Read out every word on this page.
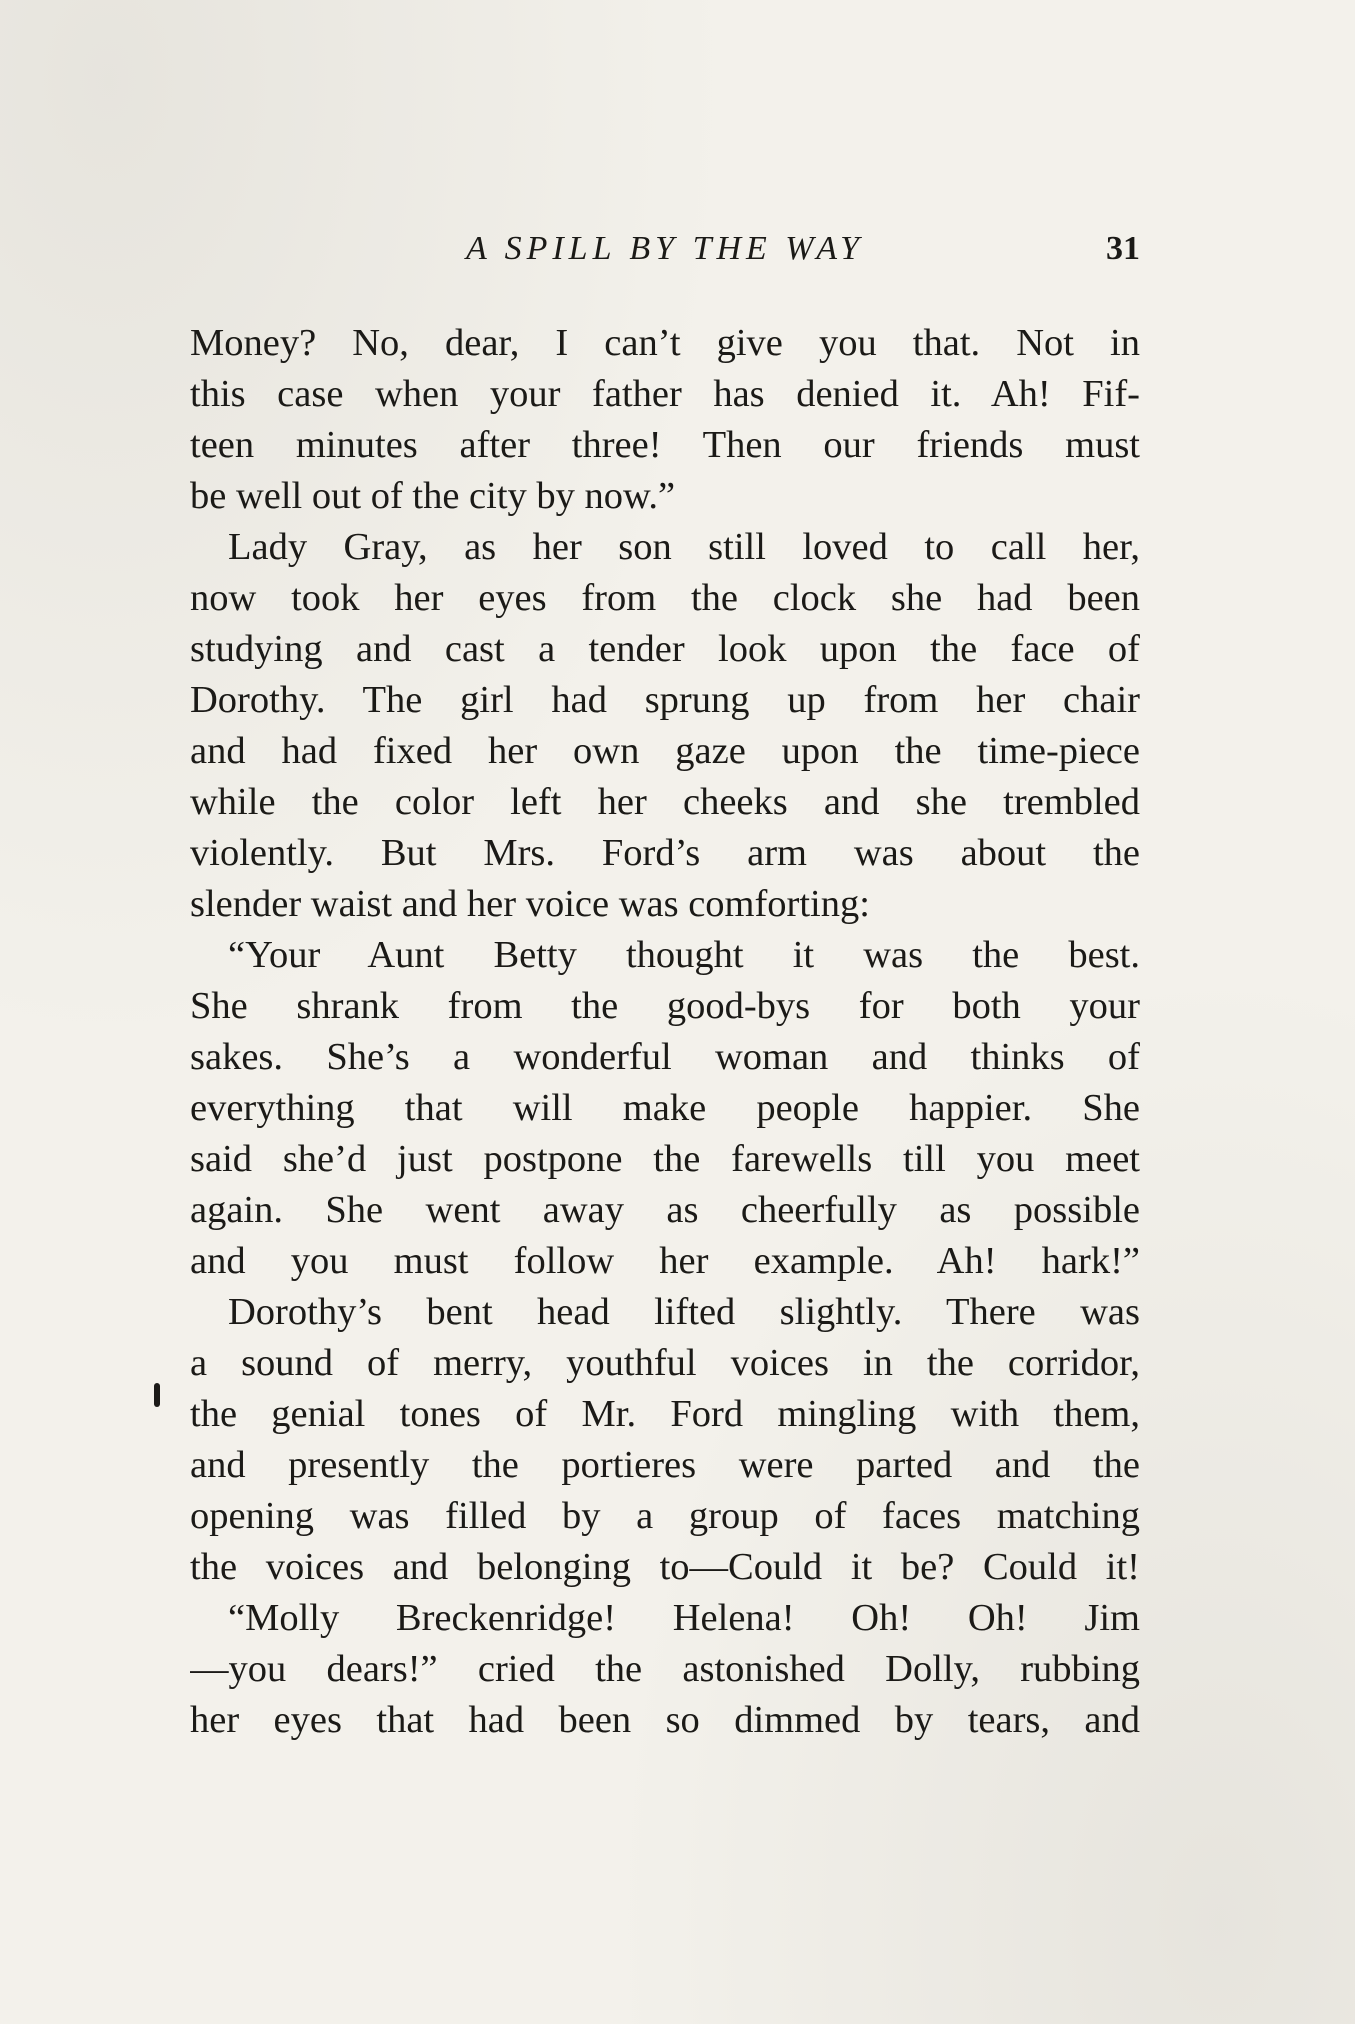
A SPILL BY THE WAY	31
Money? No, dear, I can’t give you that. Not in
this case when your father has denied it. Ah! Fif-
teen minutes after three! Then our friends must
be well out of the city by now.”
Lady Gray, as her son still loved to call her,
now took her eyes from the clock she had been
studying and cast a tender look upon the face of
Dorothy. The girl had sprung up from her chair
and had fixed her own gaze upon the time-piece
while the color left her cheeks and she trembled
violently. But Mrs. Ford’s arm was about the
slender waist and her voice was comforting:
“Your Aunt Betty thought it was the best.
She shrank from the good-bys for both your
sakes. She’s a wonderful woman and thinks of
everything that will make people happier. She
said she’d just postpone the farewells till you meet
again. She went away as cheerfully as possible
and you must follow her example. Ah! hark!”
Dorothy’s bent head lifted slightly. There was
a sound of merry, youthful voices in the corridor,
the genial tones of Mr. Ford mingling with them,
and presently the portieres were parted and the
opening was filled by a group of faces matching
the voices and belonging to—Could it be? Could it!
“Molly Breckenridge! Helena! Oh! Oh! Jim
—you dears!” cried the astonished Dolly, rubbing
her eyes that had been so dimmed by tears, and
